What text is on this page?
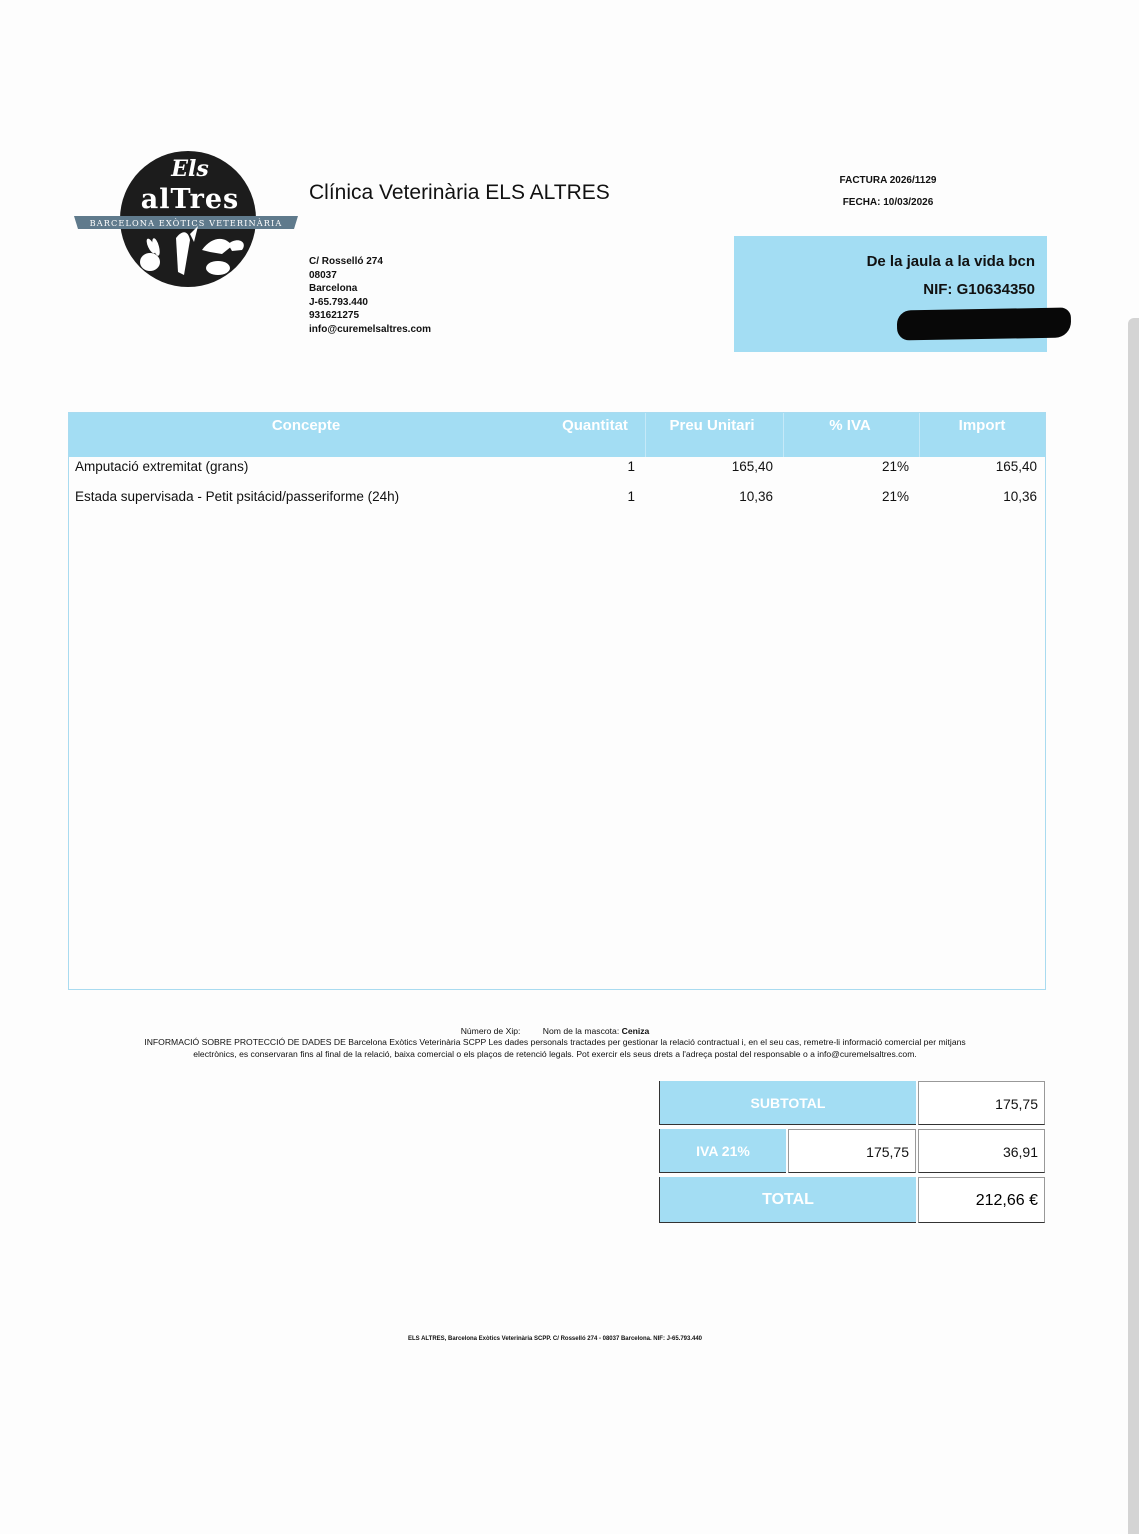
Els
alTres
BARCELONA EXÒTICS VETERINÀRIA
Clínica Veterinària ELS ALTRES
C/ Rosselló 274
08037
Barcelona
J-65.793.440
931621275
info@curemelsaltres.com
FACTURA 2026/1129
FECHA: 10/03/2026
De la jaula a la vida bcn
NIF: G10634350
Concepte	Quantitat	Preu Unitari	% IVA	Import
Amputació extremitat (grans)	1	165,40	21%	165,40
Estada supervisada - Petit psitácid/passeriforme (24h)	1	10,36	21%	10,36
Número de Xip:	Nom de la mascota: Ceniza
INFORMACIÓ SOBRE PROTECCIÓ DE DADES DE Barcelona Exòtics Veterinària SCPP Les dades personals tractades per gestionar la relació contractual i, en el seu cas, remetre-li informació comercial per mitjans
electrònics, es conservaran fins al final de la relació, baixa comercial o els plaços de retenció legals. Pot exercir els seus drets a l'adreça postal del responsable o a info@curemelsaltres.com.
SUBTOTAL	175,75
IVA 21%	175,75	36,91
TOTAL	212,66 €
ELS ALTRES, Barcelona Exòtics Veterinària SCPP. C/ Rosselló 274 - 08037 Barcelona. NIF: J-65.793.440
